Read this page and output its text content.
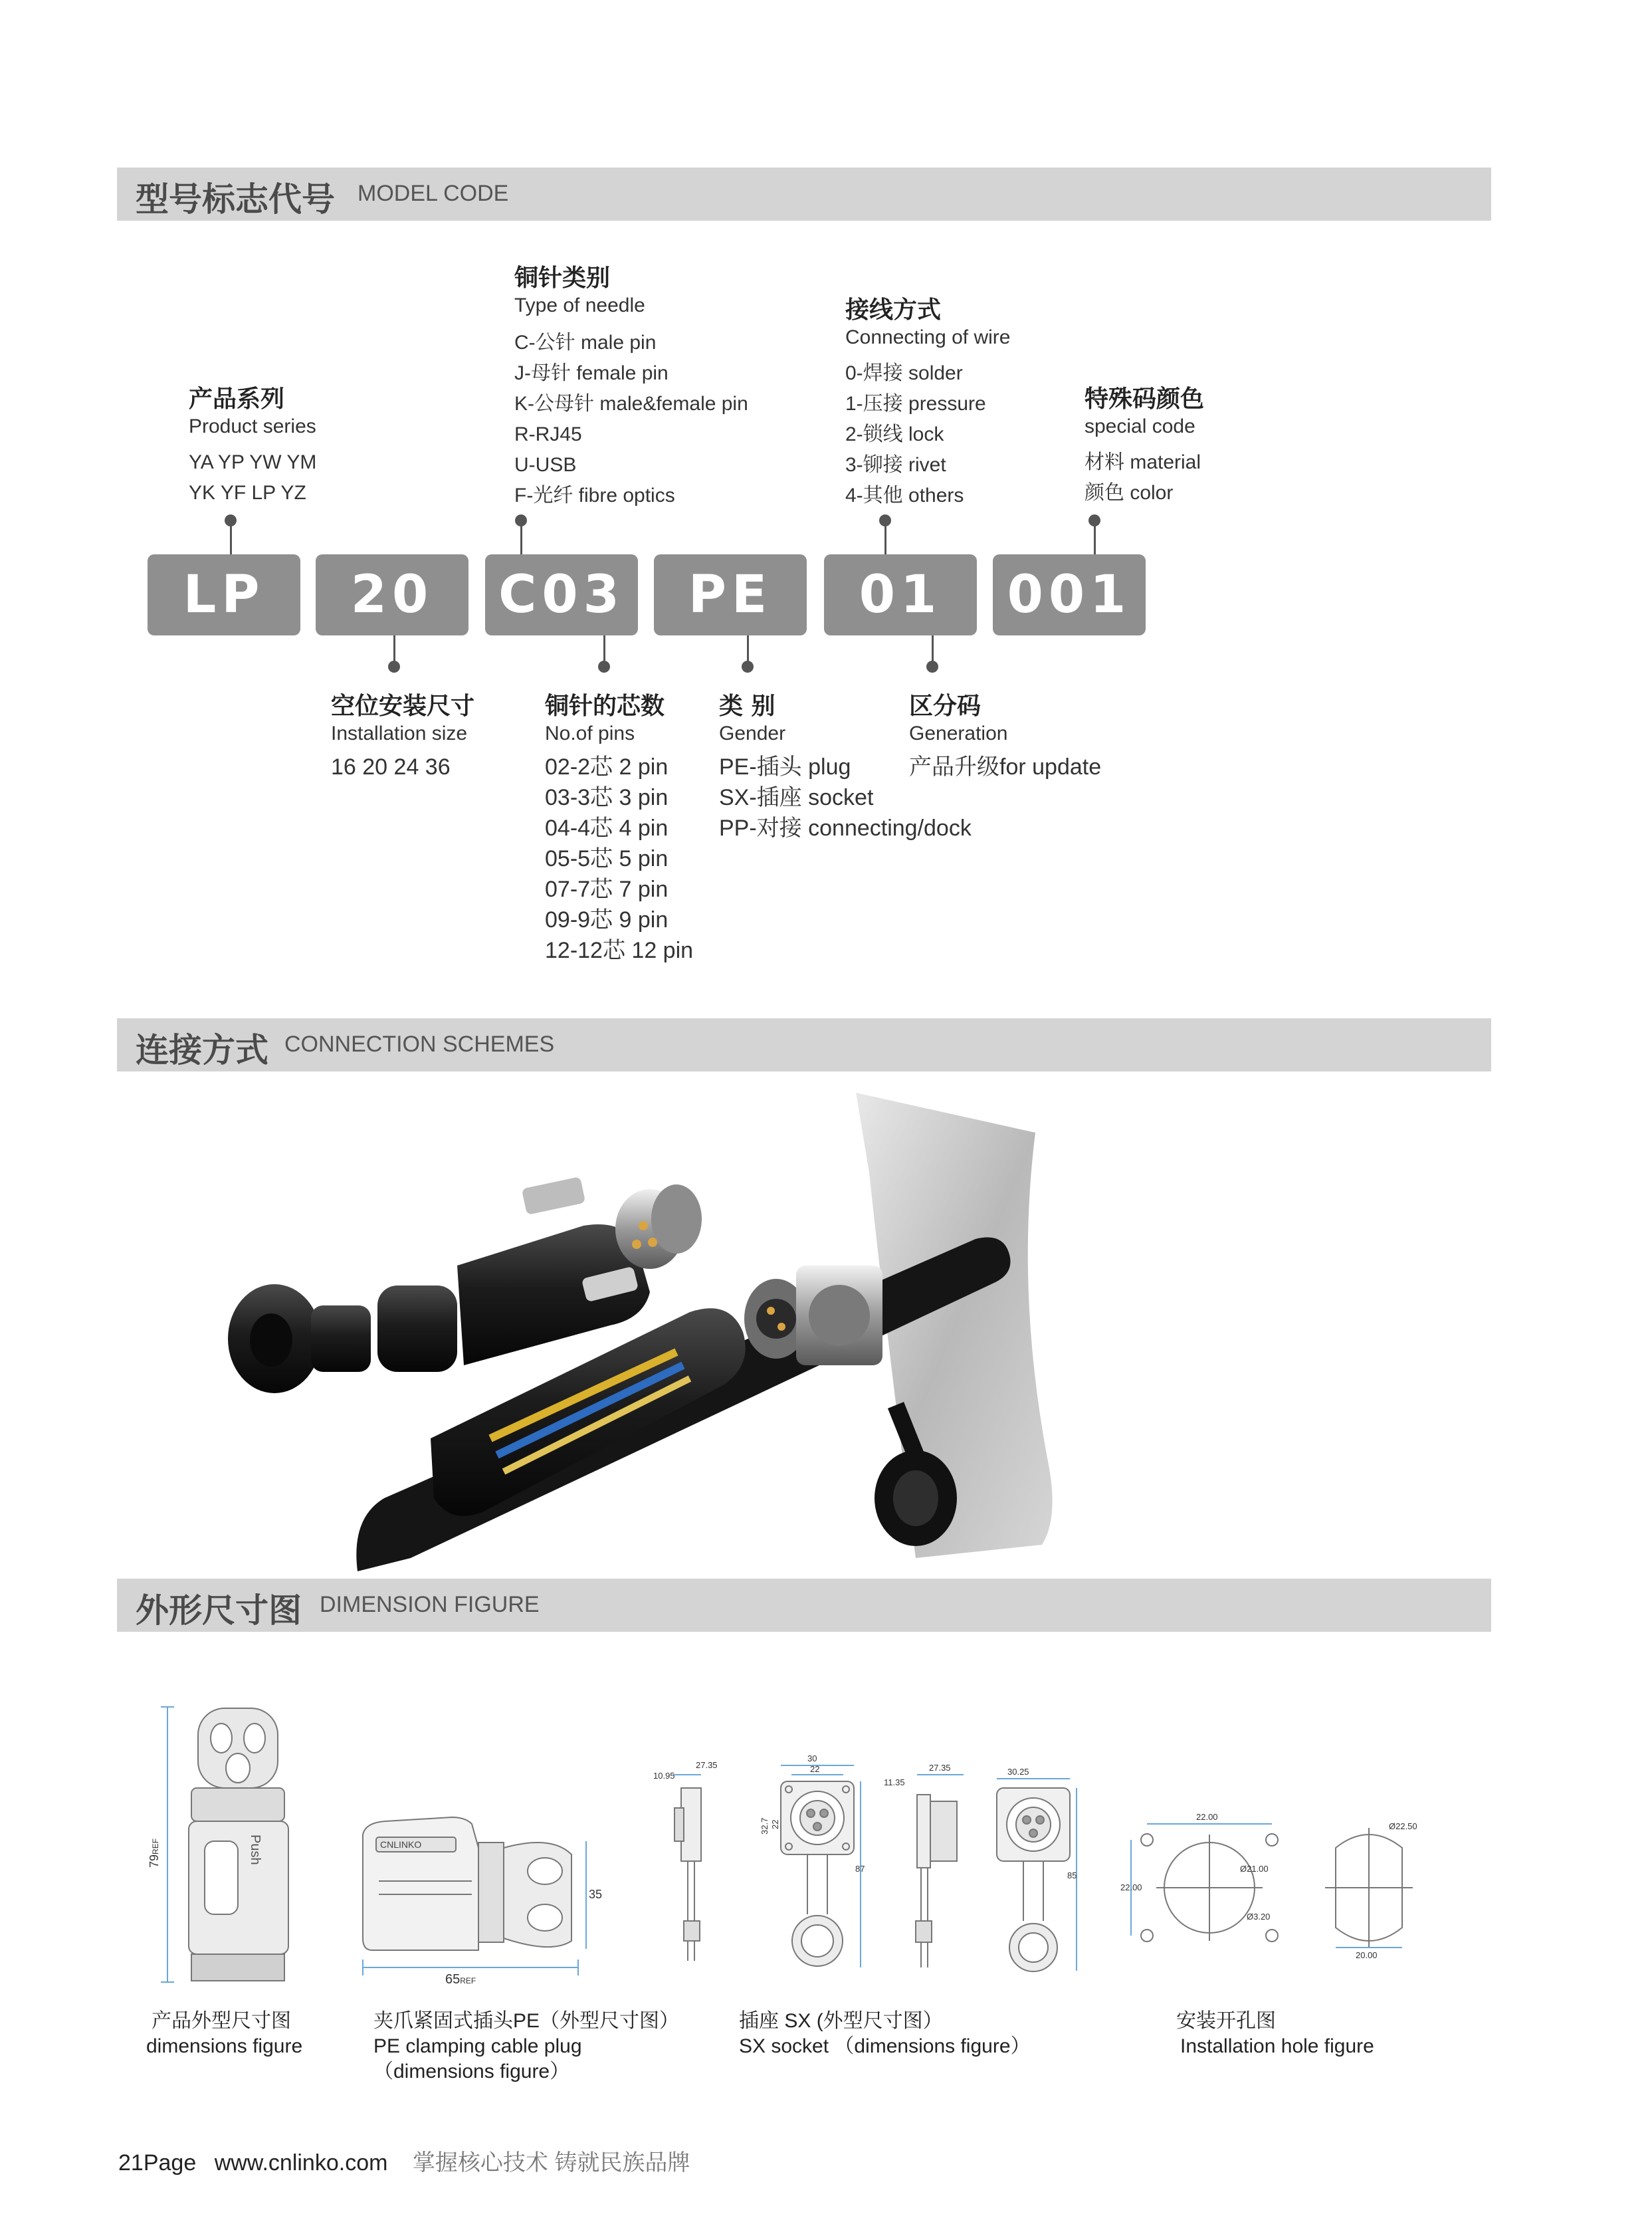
型号标志代号 MODEL CODE
产品系列
Product series
YA YP YW YM
YK YF LP YZ
铜针类别
Type of needle
C-公针 male pin
J-母针 female pin
K-公母针 male&female pin
R-RJ45
U-USB
F-光纤 fibre optics
接线方式
Connecting of wire
0-焊接 solder
1-压接 pressure
2-锁线 lock
3-铆接 rivet
4-其他 others
特殊码颜色
special code
材料 material
颜色 color
LP	20	C03	PE	01	001
空位安装尺寸
Installation size
16 20 24 36
铜针的芯数
No.of pins
02-2芯 2 pin
03-3芯 3 pin
04-4芯 4 pin
05-5芯 5 pin
07-7芯 7 pin
09-9芯 9 pin
12-12芯 12 pin
类 别
Gender
PE-插头 plug
SX-插座 socket
PP-对接 connecting/dock
区分码
Generation
产品升级for update
连接方式 CONNECTION SCHEMES
LOCK
外形尺寸图 DIMENSION FIGURE
79REF	Push	CNLINKO
35
65REF
10.95
27.35
30
22
32.7 22
87
11.35
27.35	30.25
85
22.00
22.00
Ø21.00
Ø3.20
Ø22.50
20.00
产品外型尺寸图
dimensions figure
夹爪紧固式插头PE（外型尺寸图）
PE clamping cable plug
（dimensions figure）
插座 SX (外型尺寸图）
SX socket （dimensions figure）
安装开孔图
Installation hole figure
21Page www.cnlinko.com 掌握核心技术 铸就民族品牌
